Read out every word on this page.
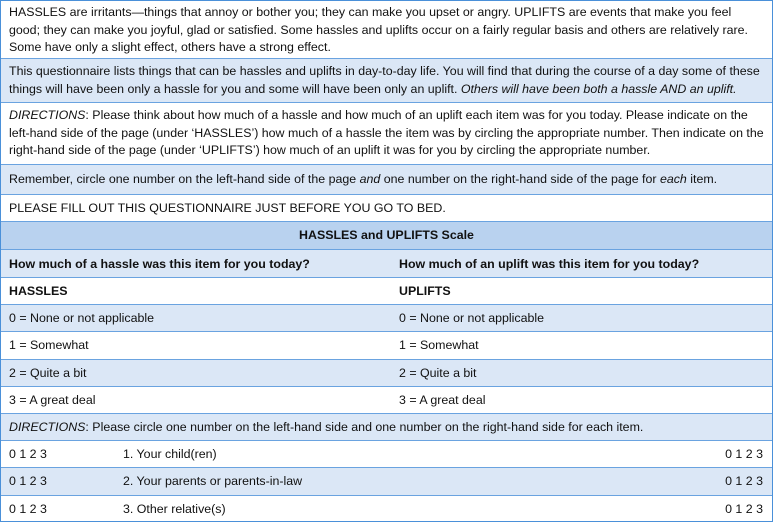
HASSLES are irritants—things that annoy or bother you; they can make you upset or angry. UPLIFTS are events that make you feel good; they can make you joyful, glad or satisfied. Some hassles and uplifts occur on a fairly regular basis and others are relatively rare. Some have only a slight effect, others have a strong effect.
This questionnaire lists things that can be hassles and uplifts in day-to-day life. You will find that during the course of a day some of these things will have been only a hassle for you and some will have been only an uplift. Others will have been both a hassle AND an uplift.
DIRECTIONS: Please think about how much of a hassle and how much of an uplift each item was for you today. Please indicate on the left-hand side of the page (under ‘HASSLES’) how much of a hassle the item was by circling the appropriate number. Then indicate on the right-hand side of the page (under ‘UPLIFTS’) how much of an uplift it was for you by circling the appropriate number.
Remember, circle one number on the left-hand side of the page and one number on the right-hand side of the page for each item.
PLEASE FILL OUT THIS QUESTIONNAIRE JUST BEFORE YOU GO TO BED.
HASSLES and UPLIFTS Scale
How much of a hassle was this item for you today?	How much of an uplift was this item for you today?
HASSLES	UPLIFTS
0 = None or not applicable	0 = None or not applicable
1 = Somewhat	1 = Somewhat
2 = Quite a bit	2 = Quite a bit
3 = A great deal	3 = A great deal
DIRECTIONS: Please circle one number on the left-hand side and one number on the right-hand side for each item.
0 1 2 3	1. Your child(ren)	0 1 2 3
0 1 2 3	2. Your parents or parents-in-law	0 1 2 3
0 1 2 3	3. Other relative(s)	0 1 2 3
